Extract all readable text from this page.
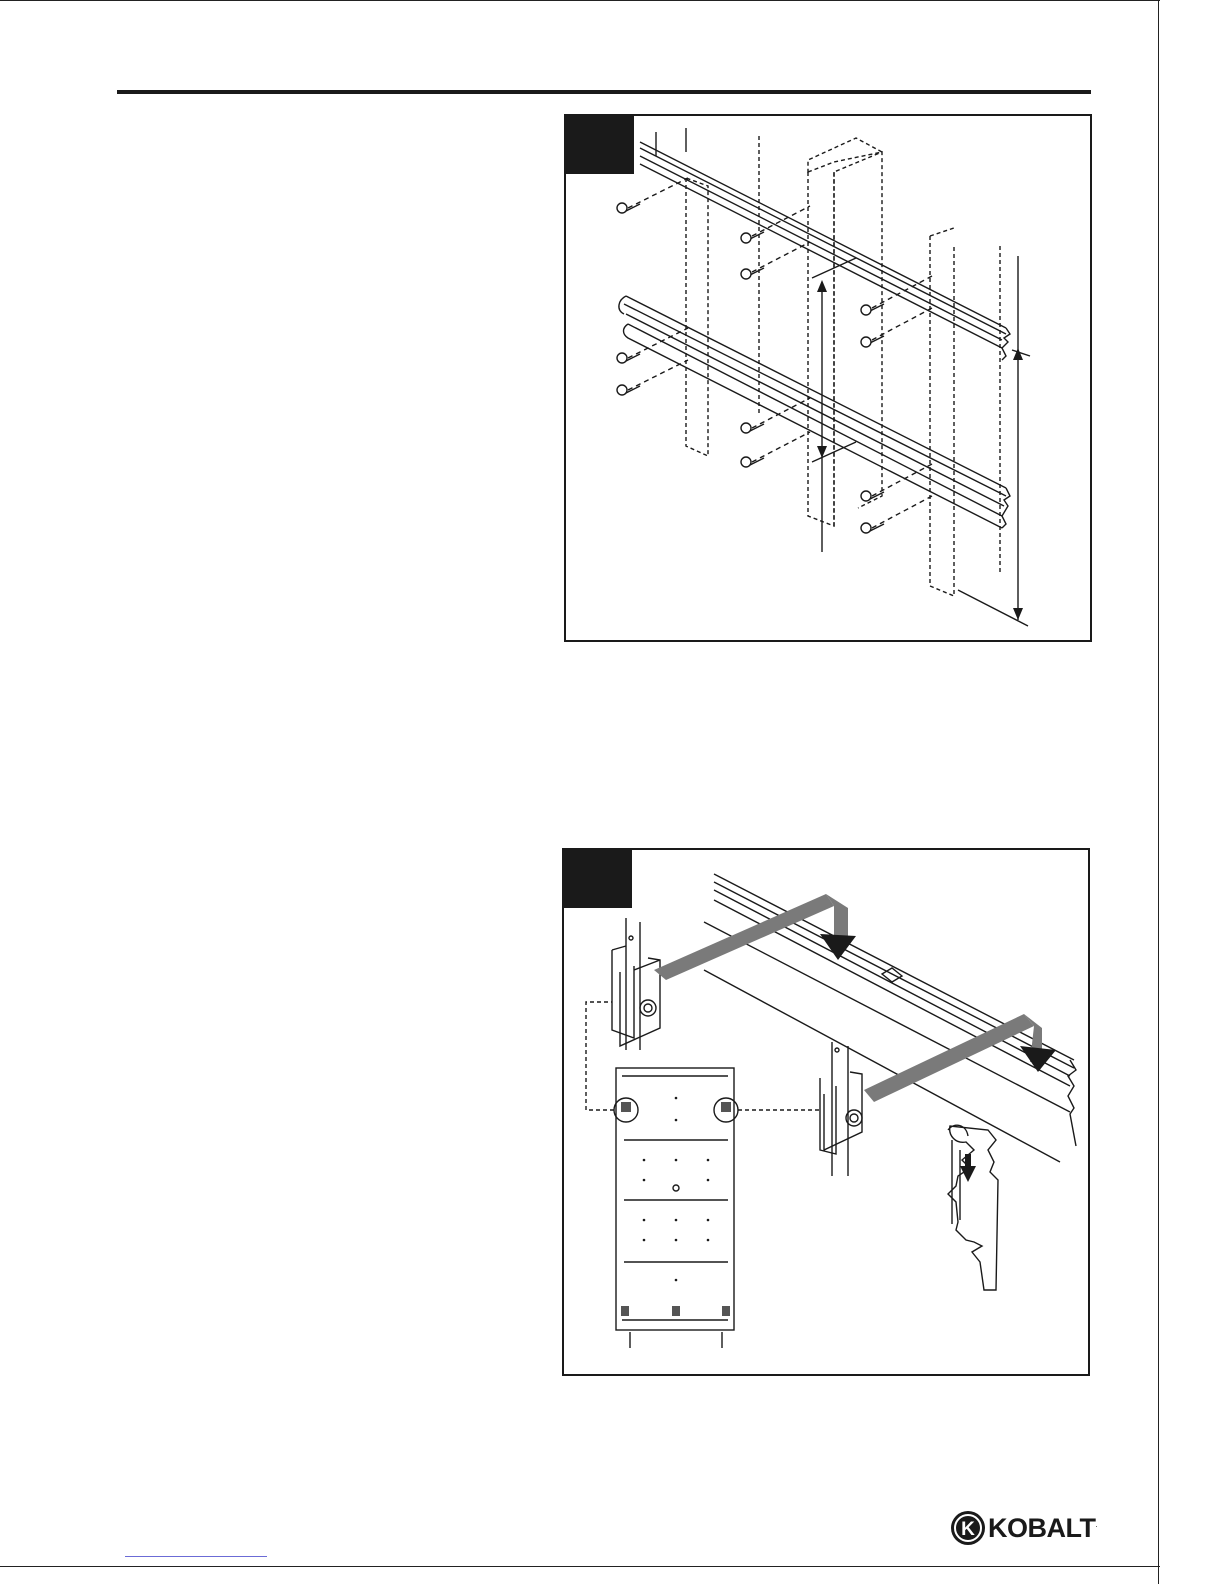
K KOBALT.
